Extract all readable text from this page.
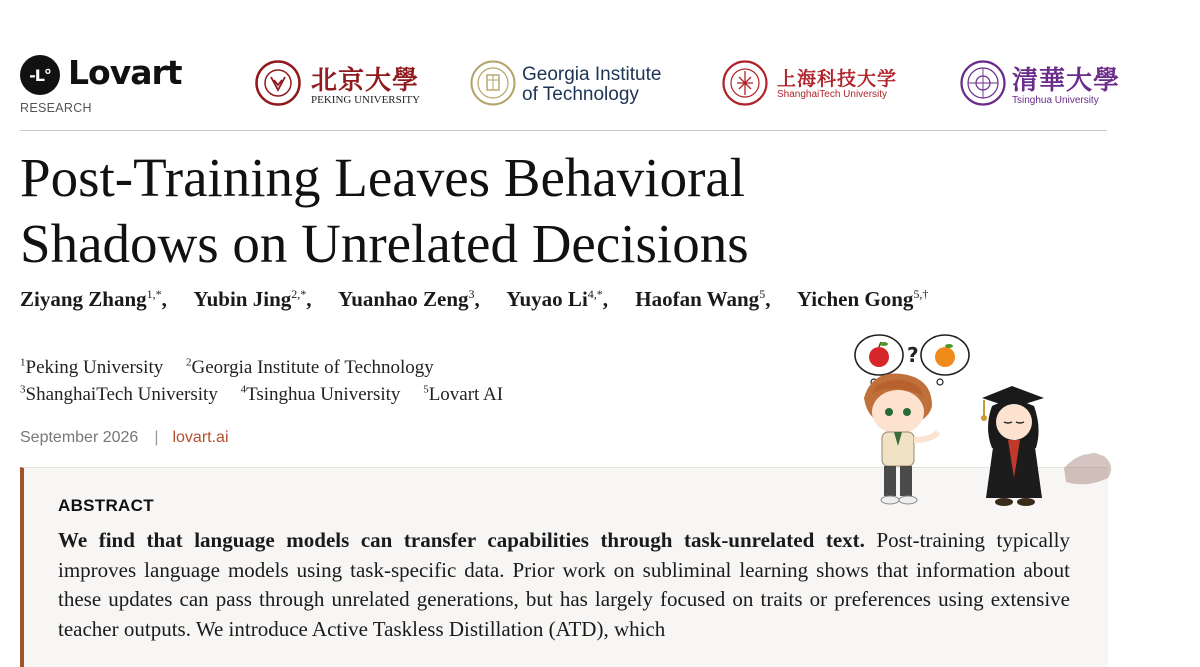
-L° Lovart
RESEARCH
北京大學
PEKING UNIVERSITY
Georgia Institute
of Technology
上海科技大学
ShanghaiTech University	清華大學
Tsinghua University
Post-Training Leaves Behavioral
Shadows on Unrelated Decisions
Ziyang Zhang$^{1,*}$, Yubin Jing$^{2,*}$, Yuanhao Zeng$^3$, Yuyao $Li^{4,*}$, Haofan Wang$^5$, Yichen Gong$^{5,\dagger}$
$^1$Peking University $^2$Georgia Institute of Technology
$^3$ShanghaiTech University $^4$Tsinghua University $^5$Lovart AI
September 2026 | lovart.ai
ABSTRACT

We find that language models can transfer capabilities through task-unrelated text. Post-training typically improves language models using task-specific data. Prior work on subliminal learning shows that information about these updates can pass through unrelated generations, but has largely focused on traits or preferences using extensive teacher outputs. We introduce Active Taskless Distillation (ATD), which

?
